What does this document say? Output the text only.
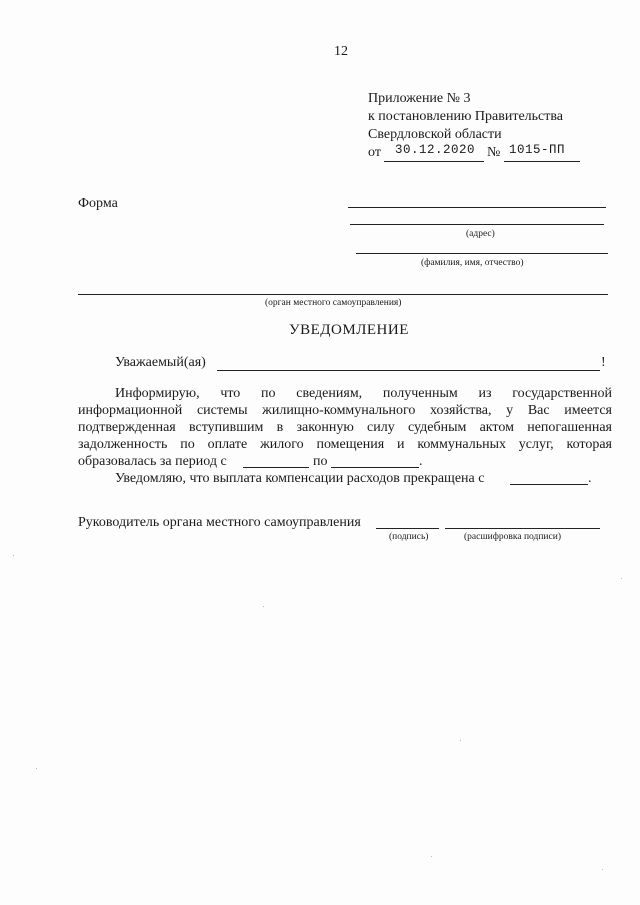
12
Приложение № 3
к постановлению Правительства
Свердловской области
от 30.12.2020 № 1015-ПП
Форма
(адрес)
(фамилия, имя, отчество)
(орган местного самоуправления)
УВЕДОМЛЕНИЕ
Уважаемый(ая)	!
Информирую, что по сведениям, полученным из государственной
информационной системы жилищно-коммунального хозяйства, у Вас имеется
подтвержденная вступившим в законную силу судебным актом непогашенная
задолженность по оплате жилого помещения и коммунальных услуг, которая
образовалась за период с	по	.
Уведомляю, что выплата компенсации расходов прекращена с	.
Руководитель органа местного самоуправления
(подпись)	(расшифровка подписи)
